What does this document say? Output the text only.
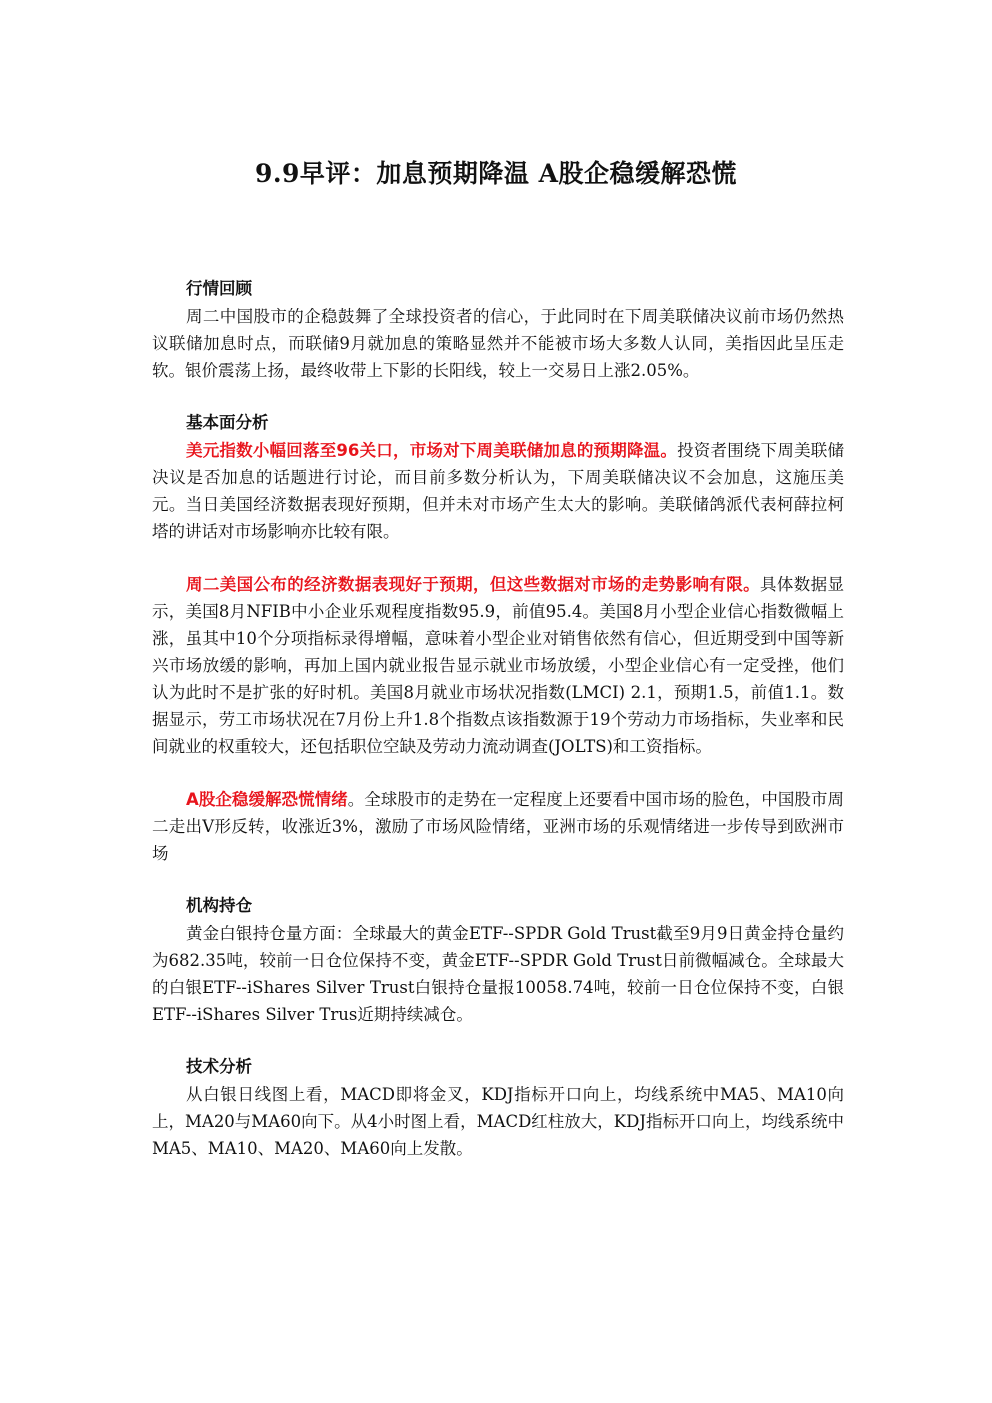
9.9早评：加息预期降温 A股企稳缓解恐慌
行情回顾

周二中国股市的企稳鼓舞了全球投资者的信心，于此同时在下周美联储决议前市场仍然热议联储加息时点，而联储9月就加息的策略显然并不能被市场大多数人认同，美指因此呈压走软。银价震荡上扬，最终收带上下影的长阳线，较上一交易日上涨2.05%。

基本面分析

美元指数小幅回落至96关口，市场对下周美联储加息的预期降温。投资者围绕下周美联储决议是否加息的话题进行讨论，而目前多数分析认为，下周美联储决议不会加息，这施压美元。当日美国经济数据表现好预期，但并未对市场产生太大的影响。美联储鸽派代表柯薛拉柯塔的讲话对市场影响亦比较有限。

周二美国公布的经济数据表现好于预期，但这些数据对市场的走势影响有限。具体数据显示，美国8月NFIB中小企业乐观程度指数95.9，前值95.4。美国8月小型企业信心指数微幅上涨，虽其中10个分项指标录得增幅，意味着小型企业对销售依然有信心，但近期受到中国等新兴市场放缓的影响，再加上国内就业报告显示就业市场放缓，小型企业信心有一定受挫，他们认为此时不是扩张的好时机。美国8月就业市场状况指数(LMCI) 2.1，预期1.5，前值1.1。数据显示，劳工市场状况在7月份上升1.8个指数点该指数源于19个劳动力市场指标，失业率和民间就业的权重较大，还包括职位空缺及劳动力流动调查(JOLTS)和工资指标。

A股企稳缓解恐慌情绪。全球股市的走势在一定程度上还要看中国市场的脸色，中国股市周二走出V形反转，收涨近3%，激励了市场风险情绪，亚洲市场的乐观情绪进一步传导到欧洲市场

机构持仓

黄金白银持仓量方面：全球最大的黄金ETF--SPDR Gold Trust截至9月9日黄金持仓量约为682.35吨，较前一日仓位保持不变，黄金ETF--SPDR Gold Trust日前微幅减仓。全球最大的白银ETF--iShares Silver Trust白银持仓量报10058.74吨，较前一日仓位保持不变，白银ETF--iShares Silver Trus近期持续减仓。

技术分析

从白银日线图上看，MACD即将金叉，KDJ指标开口向上，均线系统中MA5、MA10向上，MA20与MA60向下。从4小时图上看，MACD红柱放大，KDJ指标开口向上，均线系统中MA5、MA10、MA20、MA60向上发散。
